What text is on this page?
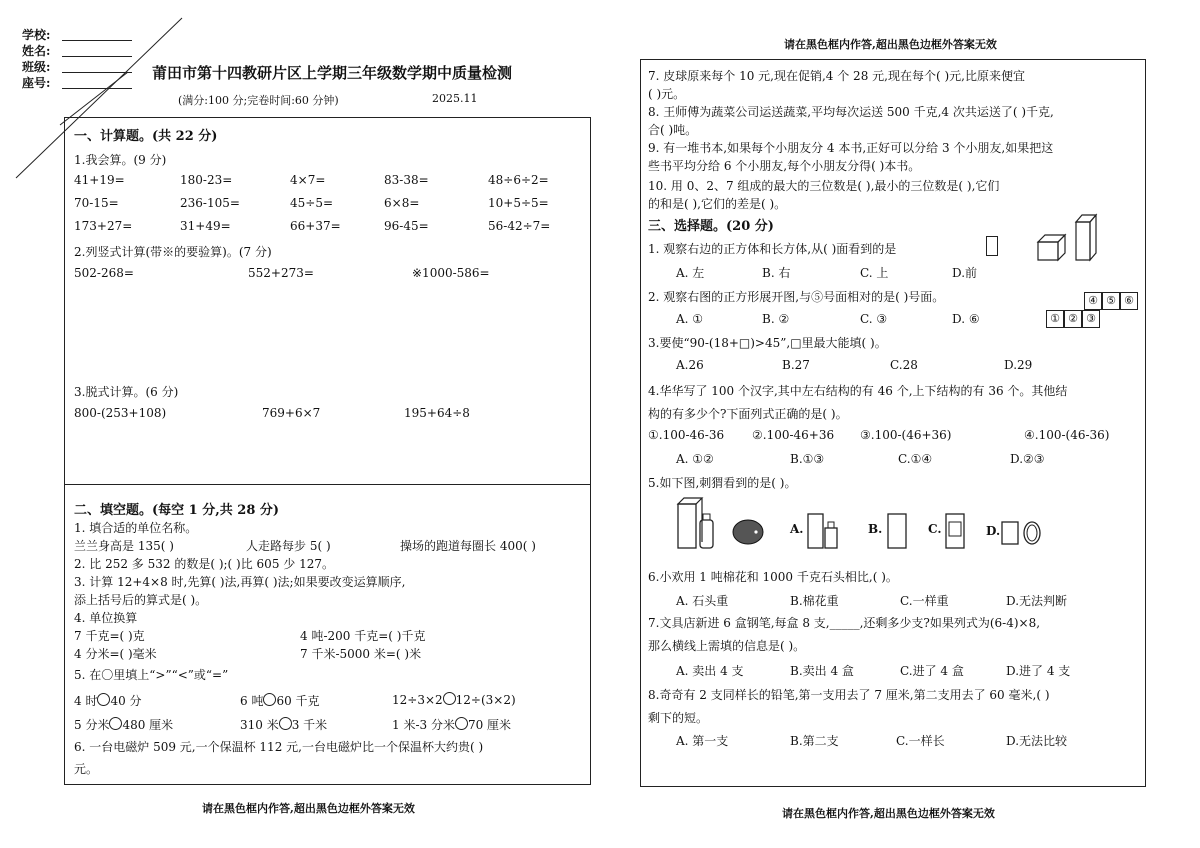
学校:
姓名:
班级:
座号:
莆田市第十四教研片区上学期三年级数学期中质量检测
(满分:100 分;完卷时间:60 分钟)	2025.11
请在黑色框内作答,超出黑色边框外答案无效
一、计算题。(共 22 分)
1.我会算。(9 分)
41+19=	180-23=	4×7=	83-38=	48÷6÷2=
70-15=	236-105=	45÷5=	6×8=	10+5÷5=
173+27=	31+49=	66+37=	96-45=	56-42÷7=
2.列竖式计算(带※的要验算)。(7 分)
502-268=	552+273=	※1000-586=
3.脱式计算。(6 分)
800-(253+108)	769+6×7	195+64÷8
二、填空题。(每空 1 分,共 28 分)
1. 填合适的单位名称。
兰兰身高是 135( )	人走路每步 5( )	操场的跑道每圈长 400( )
2. 比 252 多 532 的数是( );( )比 605 少 127。
3. 计算 12+4×8 时,先算( )法,再算( )法;如果要改变运算顺序,
添上括号后的算式是( )。
4. 单位换算
7 千克=( )克	4 吨-200 千克=( )千克
4 分米=( )毫米	7 千米-5000 米=( )米
5. 在〇里填上“>”“<”或“=”
4 时 40 分	6 吨 60 千克	12÷3×2 12÷(3×2)
5 分米 480 厘米	310 米 3 千米	1 米-3 分米 70 厘米
6. 一台电磁炉 509 元,一个保温杯 112 元,一台电磁炉比一个保温杯大约贵( )
元。
请在黑色框内作答,超出黑色边框外答案无效
7. 皮球原来每个 10 元,现在促销,4 个 28 元,现在每个( )元,比原来便宜
( )元。
8. 王师傅为蔬菜公司运送蔬菜,平均每次运送 500 千克,4 次共运送了( )千克,
合( )吨。
9. 有一堆书本,如果每个小朋友分 4 本书,正好可以分给 3 个小朋友,如果把这
些书平均分给 6 个小朋友,每个小朋友分得( )本书。
10. 用 0、2、7 组成的最大的三位数是( ),最小的三位数是( ),它们
的和是( ),它们的差是( )。
三、选择题。(20 分)
1. 观察右边的正方体和长方体,从( )面看到的是
A. 左	B. 右	C. 上	D.前
2. 观察右图的正方形展开图,与⑤号面相对的是( )号面。	④ ⑤ ⑥
① ② ③
A. ①	B. ②	C. ③	D. ⑥
3.要使“90-(18+□)>45”,□里最大能填( )。
A.26	B.27	C.28	D.29
4.华华写了 100 个汉字,其中左右结构的有 46 个,上下结构的有 36 个。其他结
构的有多少个?下面列式正确的是( )。
①.100-46-36 ②.100-46+36 ③.100-(46+36)	④.100-(46-36)
A. ①②	B.①③	C.①④	D.②③
5.如下图,刺猬看到的是( )。
A.	B.	C.	D.
6.小欢用 1 吨棉花和 1000 千克石头相比,( )。
A. 石头重	B.棉花重	C.一样重	D.无法判断
7.文具店新进 6 盒钢笔,每盒 8 支,_____,还剩多少支?如果列式为(6-4)×8,
那么横线上需填的信息是( )。
A. 卖出 4 支	B.卖出 4 盒	C.进了 4 盒	D.进了 4 支
8.奇奇有 2 支同样长的铅笔,第一支用去了 7 厘米,第二支用去了 60 毫米,( )
剩下的短。
A. 第一支	B.第二支	C.一样长	D.无法比较
请在黑色框内作答,超出黑色边框外答案无效
